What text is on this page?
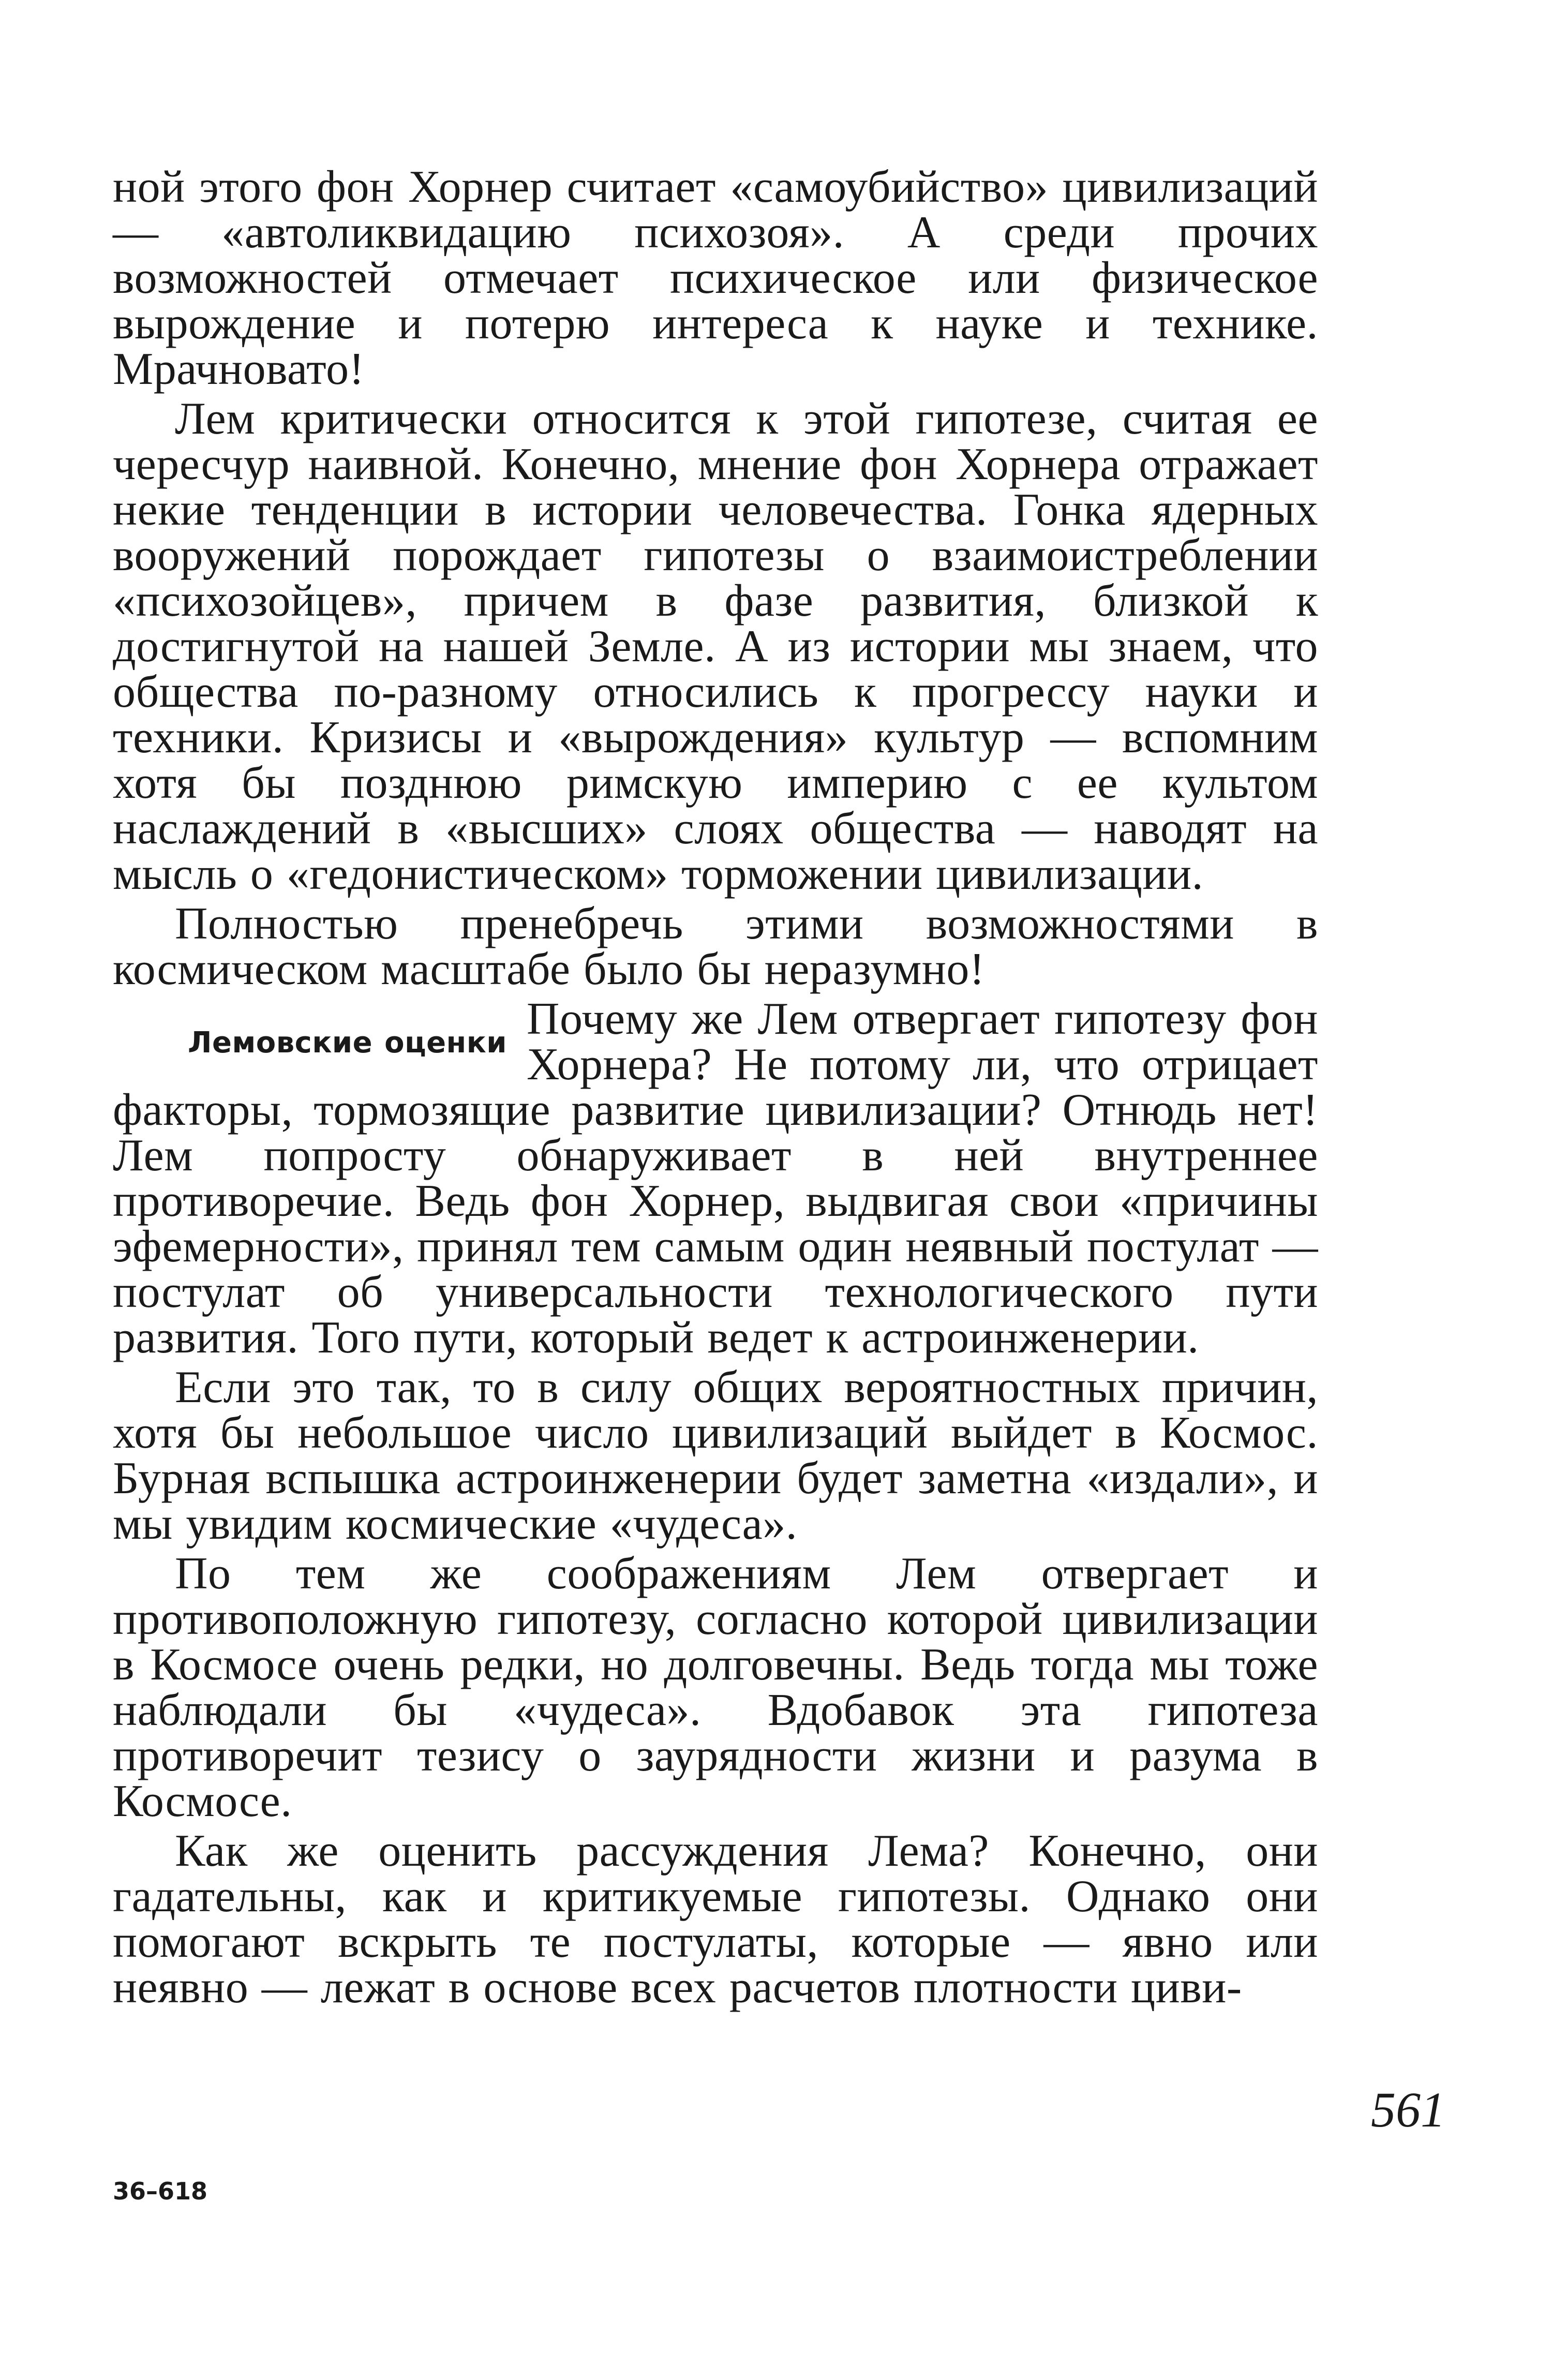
ной этого фон Хорнер считает «самоубийство» цивилизаций — «автоликвидацию психозоя». А среди прочих возможностей отмечает психическое или физическое вырождение и потерю интереса к науке и технике. Мрачновато!

Лем критически относится к этой гипотезе, считая ее чересчур наивной. Конечно, мнение фон Хорнера отражает некие тенденции в истории человечества. Гонка ядерных вооружений порождает гипотезы о взаимоистреблении «психозойцев», причем в фазе развития, близкой к достигнутой на нашей Земле. А из истории мы знаем, что общества по-разному относились к прогрессу науки и техники. Кризисы и «вырождения» культур — вспомним хотя бы позднюю римскую империю с ее культом наслаждений в «высших» слоях общества — наводят на мысль о «гедонистическом» торможении цивилизации.

Полностью пренебречь этими возможностями в космическом масштабе было бы неразумно!

Лемовские оценки Почему же Лем отвергает гипотезу фон Хорнера? Не потому ли, что отрицает факторы, тормозящие развитие цивилизации? Отнюдь нет! Лем попросту обнаруживает в ней внутреннее противоречие. Ведь фон Хорнер, выдвигая свои «причины эфемерности», принял тем самым один неявный постулат — постулат об универсальности технологического пути развития. Того пути, который ведет к астроинженерии.

Если это так, то в силу общих вероятностных причин, хотя бы небольшое число цивилизаций выйдет в Космос. Бурная вспышка астроинженерии будет заметна «издали», и мы увидим космические «чудеса».

По тем же соображениям Лем отвергает и противоположную гипотезу, согласно которой цивилизации в Космосе очень редки, но долговечны. Ведь тогда мы тоже наблюдали бы «чудеса». Вдобавок эта гипотеза противоречит тезису о заурядности жизни и разума в Космосе.

Как же оценить рассуждения Лема? Конечно, они гадательны, как и критикуемые гипотезы. Однако они помогают вскрыть те постулаты, которые — явно или неявно — лежат в основе всех расчетов плотности циви-

561
36–618
